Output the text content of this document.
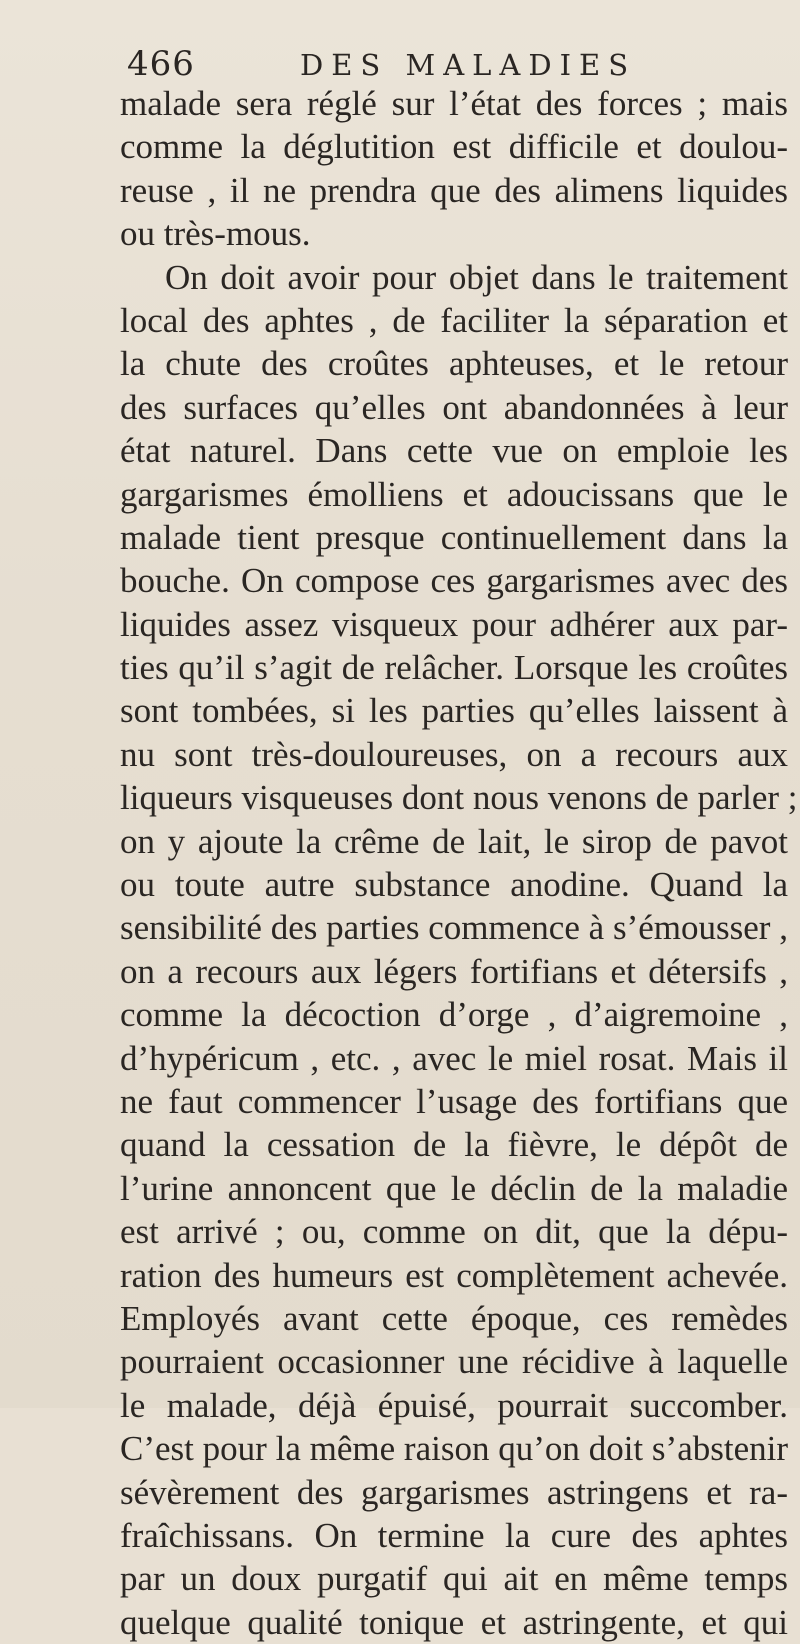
466	DES MALADIES
malade sera réglé sur l’état des forces ; mais
comme la déglutition est difficile et doulou-
reuse , il ne prendra que des alimens liquides
ou très-mous.
On doit avoir pour objet dans le traitement
local des aphtes , de faciliter la séparation et
la chute des croûtes aphteuses, et le retour
des surfaces qu’elles ont abandonnées à leur
état naturel. Dans cette vue on emploie les
gargarismes émolliens et adoucissans que le
malade tient presque continuellement dans la
bouche. On compose ces gargarismes avec des
liquides assez visqueux pour adhérer aux par-
ties qu’il s’agit de relâcher. Lorsque les croûtes
sont tombées, si les parties qu’elles laissent à
nu sont très-douloureuses, on a recours aux
liqueurs visqueuses dont nous venons de parler ;
on y ajoute la crême de lait, le sirop de pavot
ou toute autre substance anodine. Quand la
sensibilité des parties commence à s’émousser ,
on a recours aux légers fortifians et détersifs ,
comme la décoction d’orge , d’aigremoine ,
d’hypéricum , etc. , avec le miel rosat. Mais il
ne faut commencer l’usage des fortifians que
quand la cessation de la fièvre, le dépôt de
l’urine annoncent que le déclin de la maladie
est arrivé ; ou, comme on dit, que la dépu-
ration des humeurs est complètement achevée.
Employés avant cette époque, ces remèdes
pourraient occasionner une récidive à laquelle
le malade, déjà épuisé, pourrait succomber.
C’est pour la même raison qu’on doit s’abstenir
sévèrement des gargarismes astringens et ra-
fraîchissans. On termine la cure des aphtes
par un doux purgatif qui ait en même temps
quelque qualité tonique et astringente, et qui
